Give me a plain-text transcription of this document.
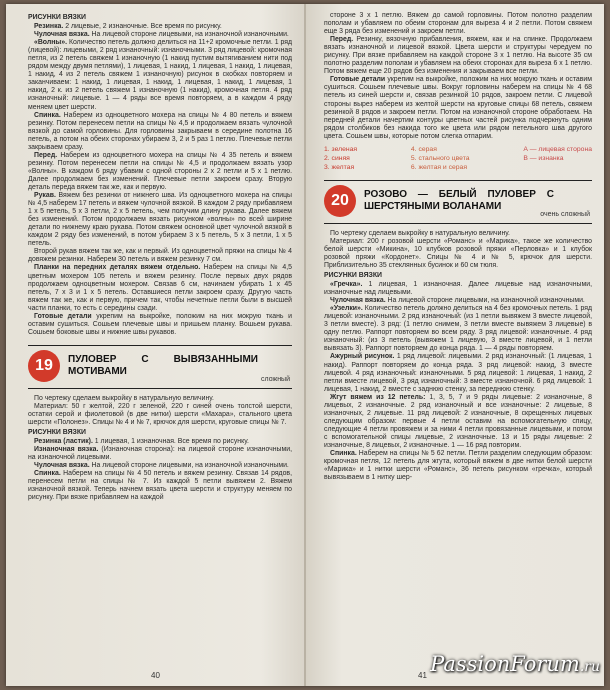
РИСУНКИ ВЯЗКИ

Резинка. 2 лицевые, 2 изнаночные. Все время по рисунку.

Чулочная вязка. На лицевой стороне лицевыми, на изнаночной изнаночными.

«Волны». Количество петель должно делиться на 11+2 кромочные петли. 1 ряд (лицевой): лицевыми, 2 ряд изнаночный: изнаночными. 3 ряд лицевой: кромочная петля, из 2 петель свяжем 1 изнаночную (1 накид пустим вытягиванием нити под рядом между двумя петлями), 1 лицевая, 1 накид, 1 лицевая, 1 накид, 1 лицевая, 1 накид, 4 из 2 петель свяжем 1 изнаночную) рисунок в скобках повторяем и заканчиваем: 1 накид, 1 лицевая, 1 накид, 1 лицевая, 1 накид, 1 лицевая, 1 накид, 2 к. из 2 петель свяжем 1 изнаночную (1 накид), кромочная петля. 4 ряд изнаночный: лицевые. 1 — 4 ряды все время повторяем, а в каждом 4 ряду меняем цвет шерсти.

Спинка. Наберем из одноцветного мохера на спицы № 4 80 петель и вяжем резинку. Потом перенесем петли на спицы № 4,5 и продолжаем вязать чулочной вязкой до самой горловины. Для горловины закрываем в середине полотна 16 петель, а потом на обеих сторонах убираем 3, 2 и 5 раз 1 петлю. Плечевые петли закрываем сразу.

Перед. Наберем из одноцветного мохера на спицы № 4 35 петель и вяжем резинку. Потом перенесем петли на спицы № 4,5 и продолжаем вязать узор «Волны». В каждом 6 ряду убавим с одной стороны 2 х 2 петли и 5 х 1 петлю. Далее продолжаем без изменений. Плечевые петли закроем сразу. Вторую деталь переда вяжем так же, как и первую.

Рукав. Вяжем без резинки от нижнего шва. Из одноцветного мохера на спицы № 4,5 наберем 17 петель и вяжем чулочной вязкой. В каждом 2 ряду прибавляем 1 х 5 петель, 5 х 3 петли, 2 х 5 петель, чем получим длину рукава. Далее вяжем без изменений. Потом продолжаем вязать рисунком «волны» по всей ширине детали по нижнему краю рукава. Потом свяжем основной цвет чулочной вязкой в каждом 2 ряду без изменений, в потом убираем 3 х 5 петель, 5 х 3 петли, 1 х 5 петель.

Второй рукав вяжем так же, как и первый. Из одноцветной пряжи на спицы № 4 довяжем резинки. Наберем 30 петель и вяжем резинку 7 см.

Планки на передних деталях вяжем отдельно. Наберем на спицы № 4,5 цветным мохером 105 петель и вяжем резинку. После первых двух рядов продолжаем одноцветным мохером. Связав 6 см, начинаем убирать 1 х 45 петель, 7 х 3 и 1 х 5 петель. Оставшиеся петли закроем сразу. Другую часть вяжем так же, как и первую, причем так, чтобы нечетные петли были в высшей части планки, то есть с середины сзади.

Готовые детали укрепим на выкройке, положим на них мокрую ткань и оставим сушиться. Сошьем плечевые швы и пришьем планку. Вошьем рукава. Сошьем боковые швы и нижние швы рукавов.

19	ПУЛОВЕР С ВЫВЯЗАННЫМИ МОТИВАМИ
сложный

По чертежу сделаем выкройку в натуральную величину.

Материал: 50 г желтой, 220 г зеленой, 220 г синей очень толстой шерсти, остатки серой и фиолетовой (в две нитки) шерсти «Махара», стального цвета шерсти «Полонез». Спицы № 4 и № 7, крючок для шерсти, круговые спицы № 7.

РИСУНКИ ВЯЗКИ

Резинка (ластик). 1 лицевая, 1 изнаночная. Все время по рисунку.

Изнаночная вязка. (Изнаночная сторона): на лицевой стороне изнаночными, на изнаночной лицевыми.

Чулочная вязка. На лицевой стороне лицевыми, на изнаночной изнаночными.

Спинка. Наберем на спицы № 4 50 петель и вяжем резинку. Связав 14 рядов, перенесем петли на спицы № 7. Из каждой 5 петли вывяжем 2. Вяжем изнаночной вязкой. Теперь начнем вязать цвета шерсти и структуру меняем по рисунку. При вязке прибавляем на каждой

40

стороне 3 х 1 петлю. Вяжем до самой горловины. Потом полотно разделим пополам и убавляем по обеим сторонам для выреза 4 и 2 петли. Потом свяжем еще 3 ряда без изменений и закроем петли.

Перед. Резинку, вязочную прибавления, вяжем, как и на спинке. Продолжаем вязать изнаночной и лицевой вязкой. Цвета шерсти и структуры чередуем по рисунку. При вязке прибавляем на каждой стороне 3 х 1 петлю. На высоте 35 см полотно разделим пополам и убавляем на обеих сторонах для выреза 6 х 1 петлю. Потом вяжем еще 20 рядов без изменения и закрываем все петли.

Готовые детали укрепим на выкройке, положим на них мокрую ткань и оставим сушиться. Сошьем плечевые швы. Вокруг горловины наберем на спицы № 4 68 петель из синей шерсти и, связав резинкой 10 рядов, закроем петли. С лицевой стороны вырез наберем из желтой шерсти на круговые спицы 68 петель, свяжем резинкой 8 рядов и закроем петли. Потом на изнаночной стороне обработаем. На передней детали начертим контуры цветных частей рисунка подчеркнуть одним рядом столбиков без накида того же цвета или рядом петельного шва другого цвета. Сошьем швы, которые потом слегка отпарим.

1. зеленая
2. синяя
3. желтая
4. серая
5. стального цвета
6. желтая и серая
А — лицевая сторона
В — изнанка
20	РОЗОВО — БЕЛЫЙ ПУЛОВЕР С ШЕРСТЯНЫМИ ВОЛАНАМИ
очень сложный

По чертежу сделаем выкройку в натуральную величину.

Материал: 200 г розовой шерсти «Романс» и «Марика», такое же количество белой шерсти «Микина», 10 клубков розовой пряжи «Перловка» и 1 клубок розовой пряжи «Кордонет». Спицы № 4 и № 5, крючок для шерсти. Приблизительно 35 стеклянных бусинок и 60 см тюля.

РИСУНКИ ВЯЗКИ

«Гречка». 1 лицевая, 1 изнаночная. Далее лицевые над изнаночными, изнаночные над лицевыми.

Чулочная вязка. На лицевой стороне лицевыми, на изнаночной изнаночными.

«Узелки». Количество петель должно делиться на 4 без кромочных петель. 1 ряд лицевой: изнаночными. 2 ряд изнаночный: (из 1 петли вывяжем 3 вместе лицевой, 3 петли вместе). 3 ряд: (1 петлю снимем, 3 петли вместе вывяжем 3 лицевые) в одну петлю. Раппорт повторяем во всем ряду. 3 ряд лицевой: изнаночные. 4 ряд изнаночный: (из 3 петель (вывяжем 1 лицевую, 3 вместе лицевой, и 1 петли вывязать 3). Раппорт повторяем до конца ряда. 1 — 4 ряды повторяем.

Ажурный рисунок. 1 ряд лицевой: лицевыми. 2 ряд изнаночный: (1 лицевая, 1 накид). Раппорт повторяем до конца ряда. 3 ряд лицевой: накид, 3 вместе лицевой. 4 ряд изнаночный: изнаночными. 5 ряд лицевой: 1 лицевая, 1 накид, 2 петли вместе лицевой, 3 ряд изнаночный: 3 вместе изнаночной. 6 ряд лицевой: 1 лицевая, 1 накид, 2 вместе с заднюю стенку, за переднюю стенку.

Жгут вяжем из 12 петель: 1, 3, 5, 7 и 9 ряды лицевые: 2 изнаночные, 8 лицевых, 2 изнаночные. 2 ряд изнаночный и все изнаночные: 2 лицевые, 8 изнаночных, 2 лицевые. 11 ряд лицевой: 2 изнаночные, 8 скрещенных лицевых следующим образом: первые 4 петли оставим на вспомогательную спицу, следующие 4 петли провяжем и за ними 4 петли провязанные лицевыми, и потом с вспомогательной спицы лицевые, 2 изнаночные. 13 и 15 ряды лицевые: 2 изнаночные, 8 лицевых, 2 изнаночные. 1 — 16 ряд повторим.

Спинка. Наберем на спицы № 5 62 петли. Петли разделим следующим образом: кромочная петля, 12 петель для жгута, который вяжем в две нитки белой шерсти «Марика» и 1 нитки шерсти «Романс», 36 петель рисунком «гречка», который вывязываем в 1 нитку шер-

41 PassionForum.ru
